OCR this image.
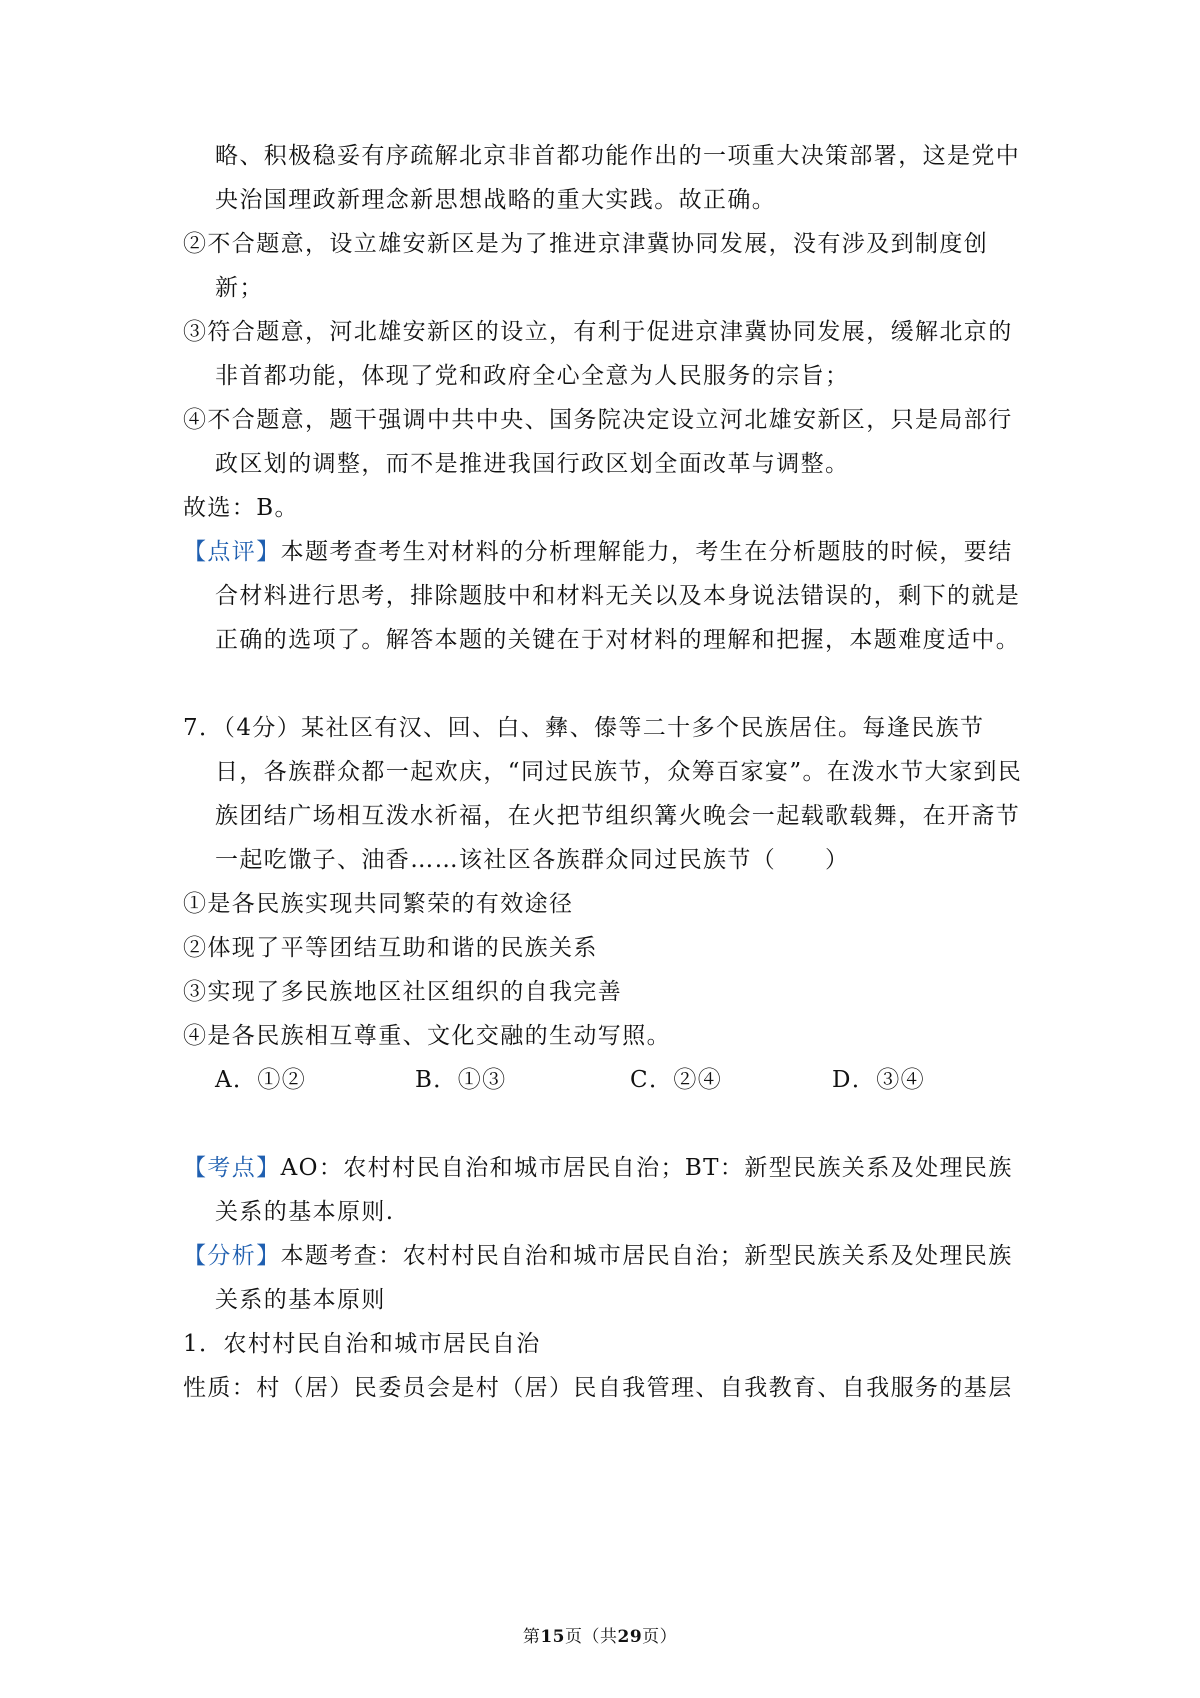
略、积极稳妥有序疏解北京非首都功能作出的一项重大决策部署，这是党中
央治国理政新理念新思想战略的重大实践。故正确。
②不合题意，设立雄安新区是为了推进京津冀协同发展，没有涉及到制度创
新；
③符合题意，河北雄安新区的设立，有利于促进京津冀协同发展，缓解北京的
非首都功能，体现了党和政府全心全意为人民服务的宗旨；
④不合题意，题干强调中共中央、国务院决定设立河北雄安新区，只是局部行
政区划的调整，而不是推进我国行政区划全面改革与调整。
故选：B。
【点评】本题考查考生对材料的分析理解能力，考生在分析题肢的时候，要结
合材料进行思考，排除题肢中和材料无关以及本身说法错误的，剩下的就是
正确的选项了。解答本题的关键在于对材料的理解和把握，本题难度适中。
7．（4分）某社区有汉、回、白、彝、傣等二十多个民族居住。每逢民族节
日，各族群众都一起欢庆，“同过民族节，众筹百家宴”。在泼水节大家到民
族团结广场相互泼水祈福，在火把节组织篝火晚会一起载歌载舞，在开斋节
一起吃馓子、油香……该社区各族群众同过民族节（　　）
①是各民族实现共同繁荣的有效途径
②体现了平等团结互助和谐的民族关系
③实现了多民族地区社区组织的自我完善
④是各民族相互尊重、文化交融的生动写照。
A．①②	B．①③	C．②④	D．③④
【考点】AO：农村村民自治和城市居民自治；BT：新型民族关系及处理民族
关系的基本原则.
【分析】本题考查：农村村民自治和城市居民自治；新型民族关系及处理民族
关系的基本原则
1．农村村民自治和城市居民自治
性质：村（居）民委员会是村（居）民自我管理、自我教育、自我服务的基层
第15页（共29页）
